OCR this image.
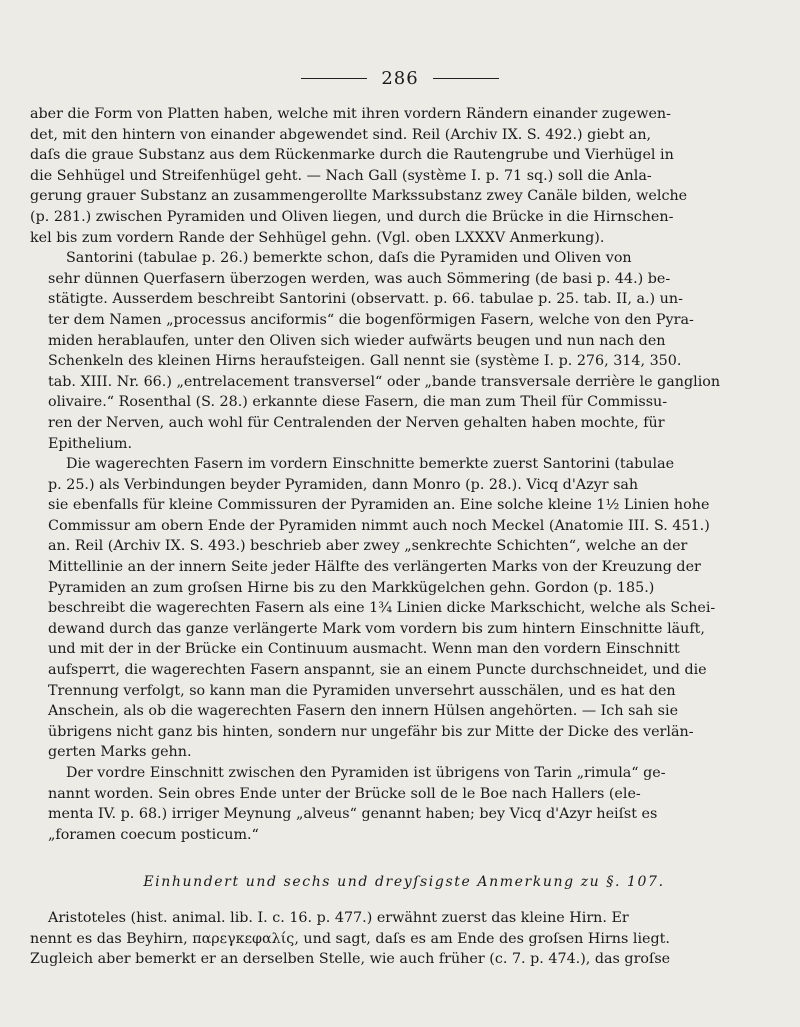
286

aber die Form von Platten haben, welche mit ihren vordern Rändern einander zugewen-
det, mit den hintern von einander abgewendet sind. Reil (Archiv IX. S. 492.) giebt an,
daſs die graue Substanz aus dem Rückenmarke durch die Rautengrube und Vierhügel in
die Sehhügel und Streifenhügel geht. — Nach Gall (système I. p. 71 sq.) soll die Anla-
gerung grauer Substanz an zusammengerollte Markssubstanz zwey Canäle bilden, welche
(p. 281.) zwischen Pyramiden und Oliven liegen, und durch die Brücke in die Hirnschen-
kel bis zum vordern Rande der Sehhügel gehn. (Vgl. oben LXXXV Anmerkung).

Santorini (tabulae p. 26.) bemerkte schon, daſs die Pyramiden und Oliven von
sehr dünnen Querfasern überzogen werden, was auch Sömmering (de basi p. 44.) be-
stätigte. Ausserdem beschreibt Santorini (observatt. p. 66. tabulae p. 25. tab. II, a.) un-
ter dem Namen „processus anciformis“ die bogenförmigen Fasern, welche von den Pyra-
miden herablaufen, unter den Oliven sich wieder aufwärts beugen und nun nach den
Schenkeln des kleinen Hirns heraufsteigen. Gall nennt sie (système I. p. 276, 314, 350.
tab. XIII. Nr. 66.) „entrelacement transversel“ oder „bande transversale derrière le ganglion
olivaire.“ Rosenthal (S. 28.) erkannte diese Fasern, die man zum Theil für Commissu-
ren der Nerven, auch wohl für Centralenden der Nerven gehalten haben mochte, für
Epithelium.

Die wagerechten Fasern im vordern Einschnitte bemerkte zuerst Santorini (tabulae
p. 25.) als Verbindungen beyder Pyramiden, dann Monro (p. 28.). Vicq d'Azyr sah
sie ebenfalls für kleine Commissuren der Pyramiden an. Eine solche kleine 1½ Linien hohe
Commissur am obern Ende der Pyramiden nimmt auch noch Meckel (Anatomie III. S. 451.)
an. Reil (Archiv IX. S. 493.) beschrieb aber zwey „senkrechte Schichten“, welche an der
Mittellinie an der innern Seite jeder Hälfte des verlängerten Marks von der Kreuzung der
Pyramiden an zum groſsen Hirne bis zu den Markkügelchen gehn. Gordon (p. 185.)
beschreibt die wagerechten Fasern als eine 1¾ Linien dicke Markschicht, welche als Schei-
dewand durch das ganze verlängerte Mark vom vordern bis zum hintern Einschnitte läuft,
und mit der in der Brücke ein Continuum ausmacht. Wenn man den vordern Einschnitt
aufsperrt, die wagerechten Fasern anspannt, sie an einem Puncte durchschneidet, und die
Trennung verfolgt, so kann man die Pyramiden unversehrt ausschälen, und es hat den
Anschein, als ob die wagerechten Fasern den innern Hülsen angehörten. — Ich sah sie
übrigens nicht ganz bis hinten, sondern nur ungefähr bis zur Mitte der Dicke des verlän-
gerten Marks gehn.

Der vordre Einschnitt zwischen den Pyramiden ist übrigens von Tarin „rimula“ ge-
nannt worden. Sein obres Ende unter der Brücke soll de le Boe nach Hallers (ele-
menta IV. p. 68.) irriger Meynung „alveus“ genannt haben; bey Vicq d'Azyr heiſst es
„foramen coecum posticum.“

Einhundert und sechs und dreyſsigste Anmerkung zu §. 107.
Aristoteles (hist. animal. lib. I. c. 16. p. 477.) erwähnt zuerst das kleine Hirn. Er
nennt es das Beyhirn, παρεγκεφαλίς, und sagt, daſs es am Ende des groſsen Hirns liegt.
Zugleich aber bemerkt er an derselben Stelle, wie auch früher (c. 7. p. 474.), das groſse
